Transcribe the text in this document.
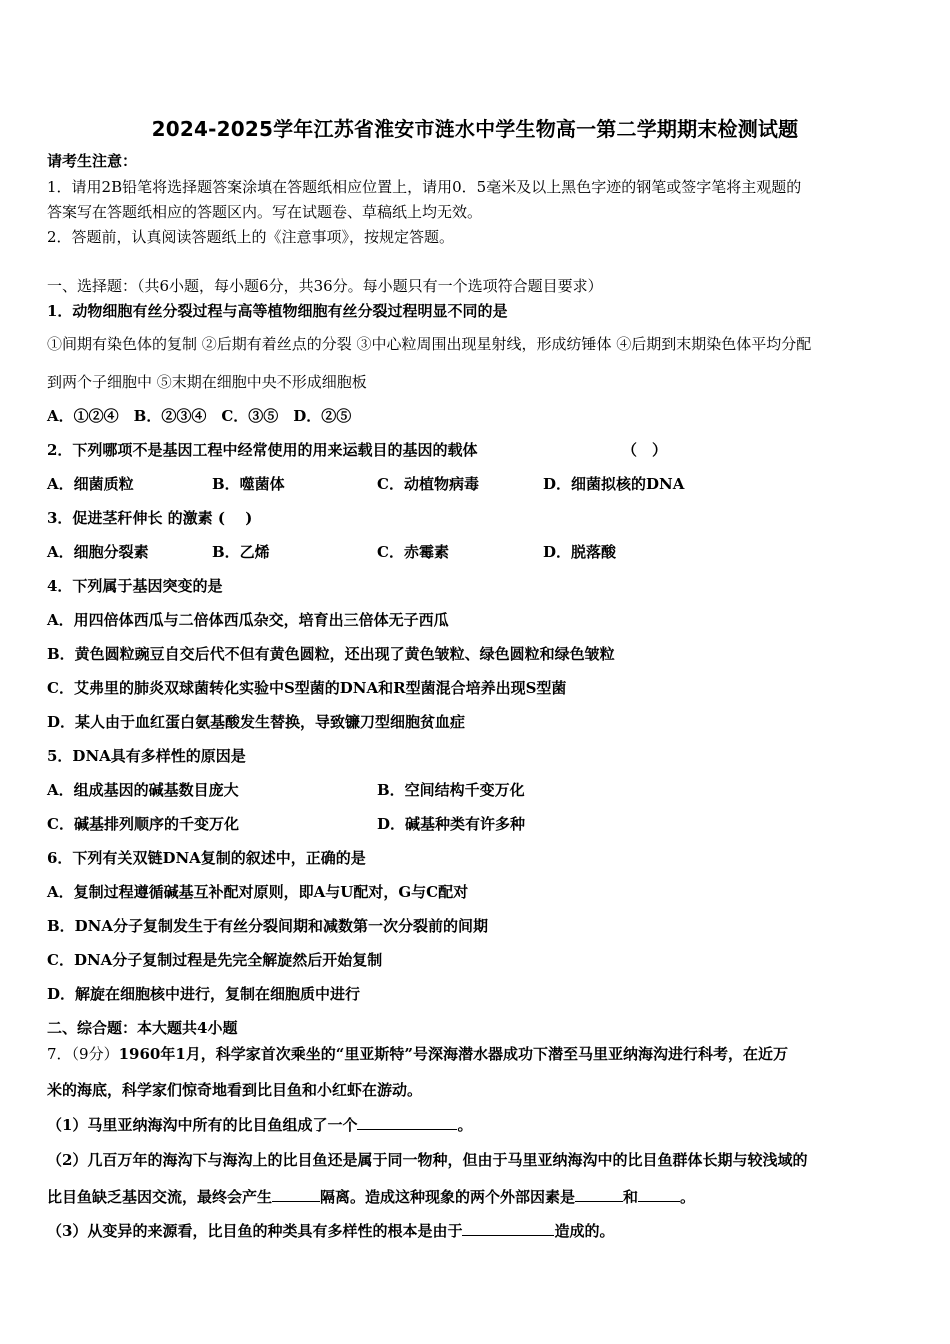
2024-2025学年江苏省淮安市涟水中学生物高一第二学期期末检测试题
请考生注意：
1．请用2B铅笔将选择题答案涂填在答题纸相应位置上，请用0．5毫米及以上黑色字迹的钢笔或签字笔将主观题的
答案写在答题纸相应的答题区内。写在试题卷、草稿纸上均无效。
2．答题前，认真阅读答题纸上的《注意事项》，按规定答题。
一、选择题：（共6小题，每小题6分，共36分。每小题只有一个选项符合题目要求）
1．动物细胞有丝分裂过程与高等植物细胞有丝分裂过程明显不同的是
①间期有染色体的复制 ②后期有着丝点的分裂 ③中心粒周围出现星射线，形成纺锤体 ④后期到末期染色体平均分配
到两个子细胞中 ⑤末期在细胞中央不形成细胞板
A．①②④　B．②③④　C．③⑤　D．②⑤
2．下列哪项不是基因工程中经常使用的用来运载目的基因的载体	（　）
A．细菌质粒	B．噬菌体	C．动植物病毒	D．细菌拟核的DNA
3．促进茎秆伸长 的激素 (　 )
A．细胞分裂素	B．乙烯	C．赤霉素	D．脱落酸
4．下列属于基因突变的是
A．用四倍体西瓜与二倍体西瓜杂交，培育出三倍体无子西瓜
B．黄色圆粒豌豆自交后代不但有黄色圆粒，还出现了黄色皱粒、绿色圆粒和绿色皱粒
C．艾弗里的肺炎双球菌转化实验中S型菌的DNA和R型菌混合培养出现S型菌
D．某人由于血红蛋白氨基酸发生替换，导致镰刀型细胞贫血症
5．DNA具有多样性的原因是
A．组成基因的碱基数目庞大	B．空间结构千变万化
C．碱基排列顺序的千变万化	D．碱基种类有许多种
6．下列有关双链DNA复制的叙述中，正确的是
A．复制过程遵循碱基互补配对原则，即A与U配对，G与C配对
B．DNA分子复制发生于有丝分裂间期和减数第一次分裂前的间期
C．DNA分子复制过程是先完全解旋然后开始复制
D．解旋在细胞核中进行，复制在细胞质中进行
二、综合题：本大题共4小题
7．（9分）1960年1月，科学家首次乘坐的“里亚斯特”号深海潜水器成功下潜至马里亚纳海沟进行科考，在近万
米的海底，科学家们惊奇地看到比目鱼和小红虾在游动。
（1）马里亚纳海沟中所有的比目鱼组成了一个	。
（2）几百万年的海沟下与海沟上的比目鱼还是属于同一物种，但由于马里亚纳海沟中的比目鱼群体长期与较浅域的
比目鱼缺乏基因交流，最终会产生	隔离。造成这种现象的两个外部因素是	和	。
（3）从变异的来源看，比目鱼的种类具有多样性的根本是由于	造成的。
